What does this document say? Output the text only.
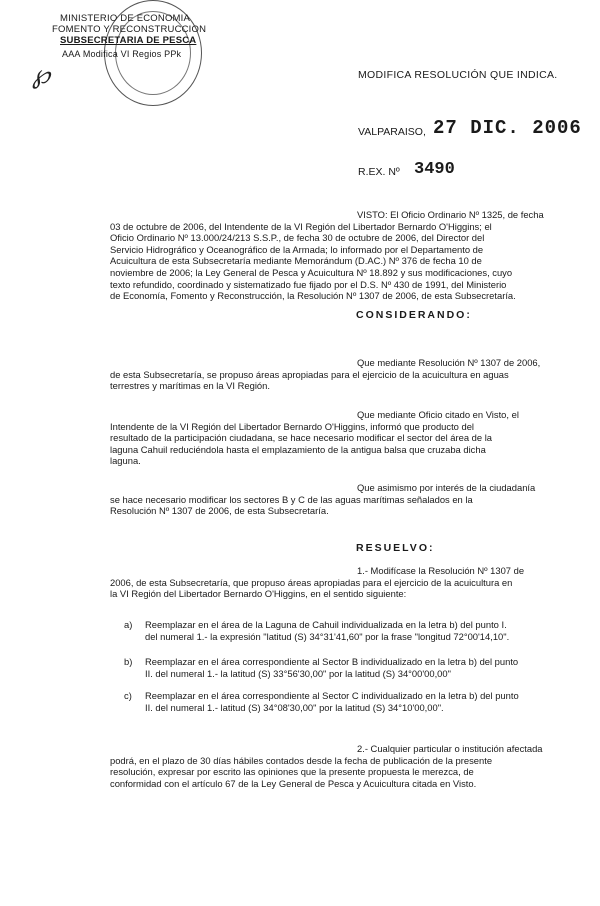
MINISTERIO DE ECONOMIA
FOMENTO Y RECONSTRUCCION
SUBSECRETARIA DE PESCA
AAA Modifica VI Regios PPk
℘	MODIFICA RESOLUCIÓN QUE INDICA.
VALPARAISO, 27 DIC. 2006
R.EX. Nº 3490
VISTO: El Oficio Ordinario Nº 1325, de fecha
03 de octubre de 2006, del Intendente de la VI Región del Libertador Bernardo O'Higgins; el
Oficio Ordinario Nº 13.000/24/213 S.S.P., de fecha 30 de octubre de 2006, del Director del
Servicio Hidrográfico y Oceanográfico de la Armada; lo informado por el Departamento de
Acuicultura de esta Subsecretaría mediante Memorándum (D.AC.) Nº 376 de fecha 10 de
noviembre de 2006; la Ley General de Pesca y Acuicultura Nº 18.892 y sus modificaciones, cuyo
texto refundido, coordinado y sistematizado fue fijado por el D.S. Nº 430 de 1991, del Ministerio
de Economía, Fomento y Reconstrucción, la Resolución Nº 1307 de 2006, de esta Subsecretaría.
CONSIDERANDO:
Que mediante Resolución Nº 1307 de 2006,
de esta Subsecretaría, se propuso áreas apropiadas para el ejercicio de la acuicultura en aguas
terrestres y marítimas en la VI Región.
Que mediante Oficio citado en Visto, el
Intendente de la VI Región del Libertador Bernardo O'Higgins, informó que producto del
resultado de la participación ciudadana, se hace necesario modificar el sector del área de la
laguna Cahuil reduciéndola hasta el emplazamiento de la antigua balsa que cruzaba dicha
laguna.
Que asimismo por interés de la ciudadanía
se hace necesario modificar los sectores B y C de las aguas marítimas señalados en la
Resolución Nº 1307 de 2006, de esta Subsecretaría.
RESUELVO:
1.- Modifícase la Resolución Nº 1307 de
2006, de esta Subsecretaría, que propuso áreas apropiadas para el ejercicio de la acuicultura en
la VI Región del Libertador Bernardo O'Higgins, en el sentido siguiente:
a) Reemplazar en el área de la Laguna de Cahuil individualizada en la letra b) del punto I.
del numeral 1.- la expresión "latitud (S) 34°31'41,60" por la frase "longitud 72°00'14,10".
b) Reemplazar en el área correspondiente al Sector B individualizado en la letra b) del punto
II. del numeral 1.- la latitud (S) 33°56'30,00" por la latitud (S) 34°00'00,00"
c) Reemplazar en el área correspondiente al Sector C individualizado en la letra b) del punto
II. del numeral 1.- latitud (S) 34°08'30,00" por la latitud (S) 34°10'00,00".
2.- Cualquier particular o institución afectada
podrá, en el plazo de 30 días hábiles contados desde la fecha de publicación de la presente
resolución, expresar por escrito las opiniones que la presente propuesta le merezca, de
conformidad con el artículo 67 de la Ley General de Pesca y Acuicultura citada en Visto.
